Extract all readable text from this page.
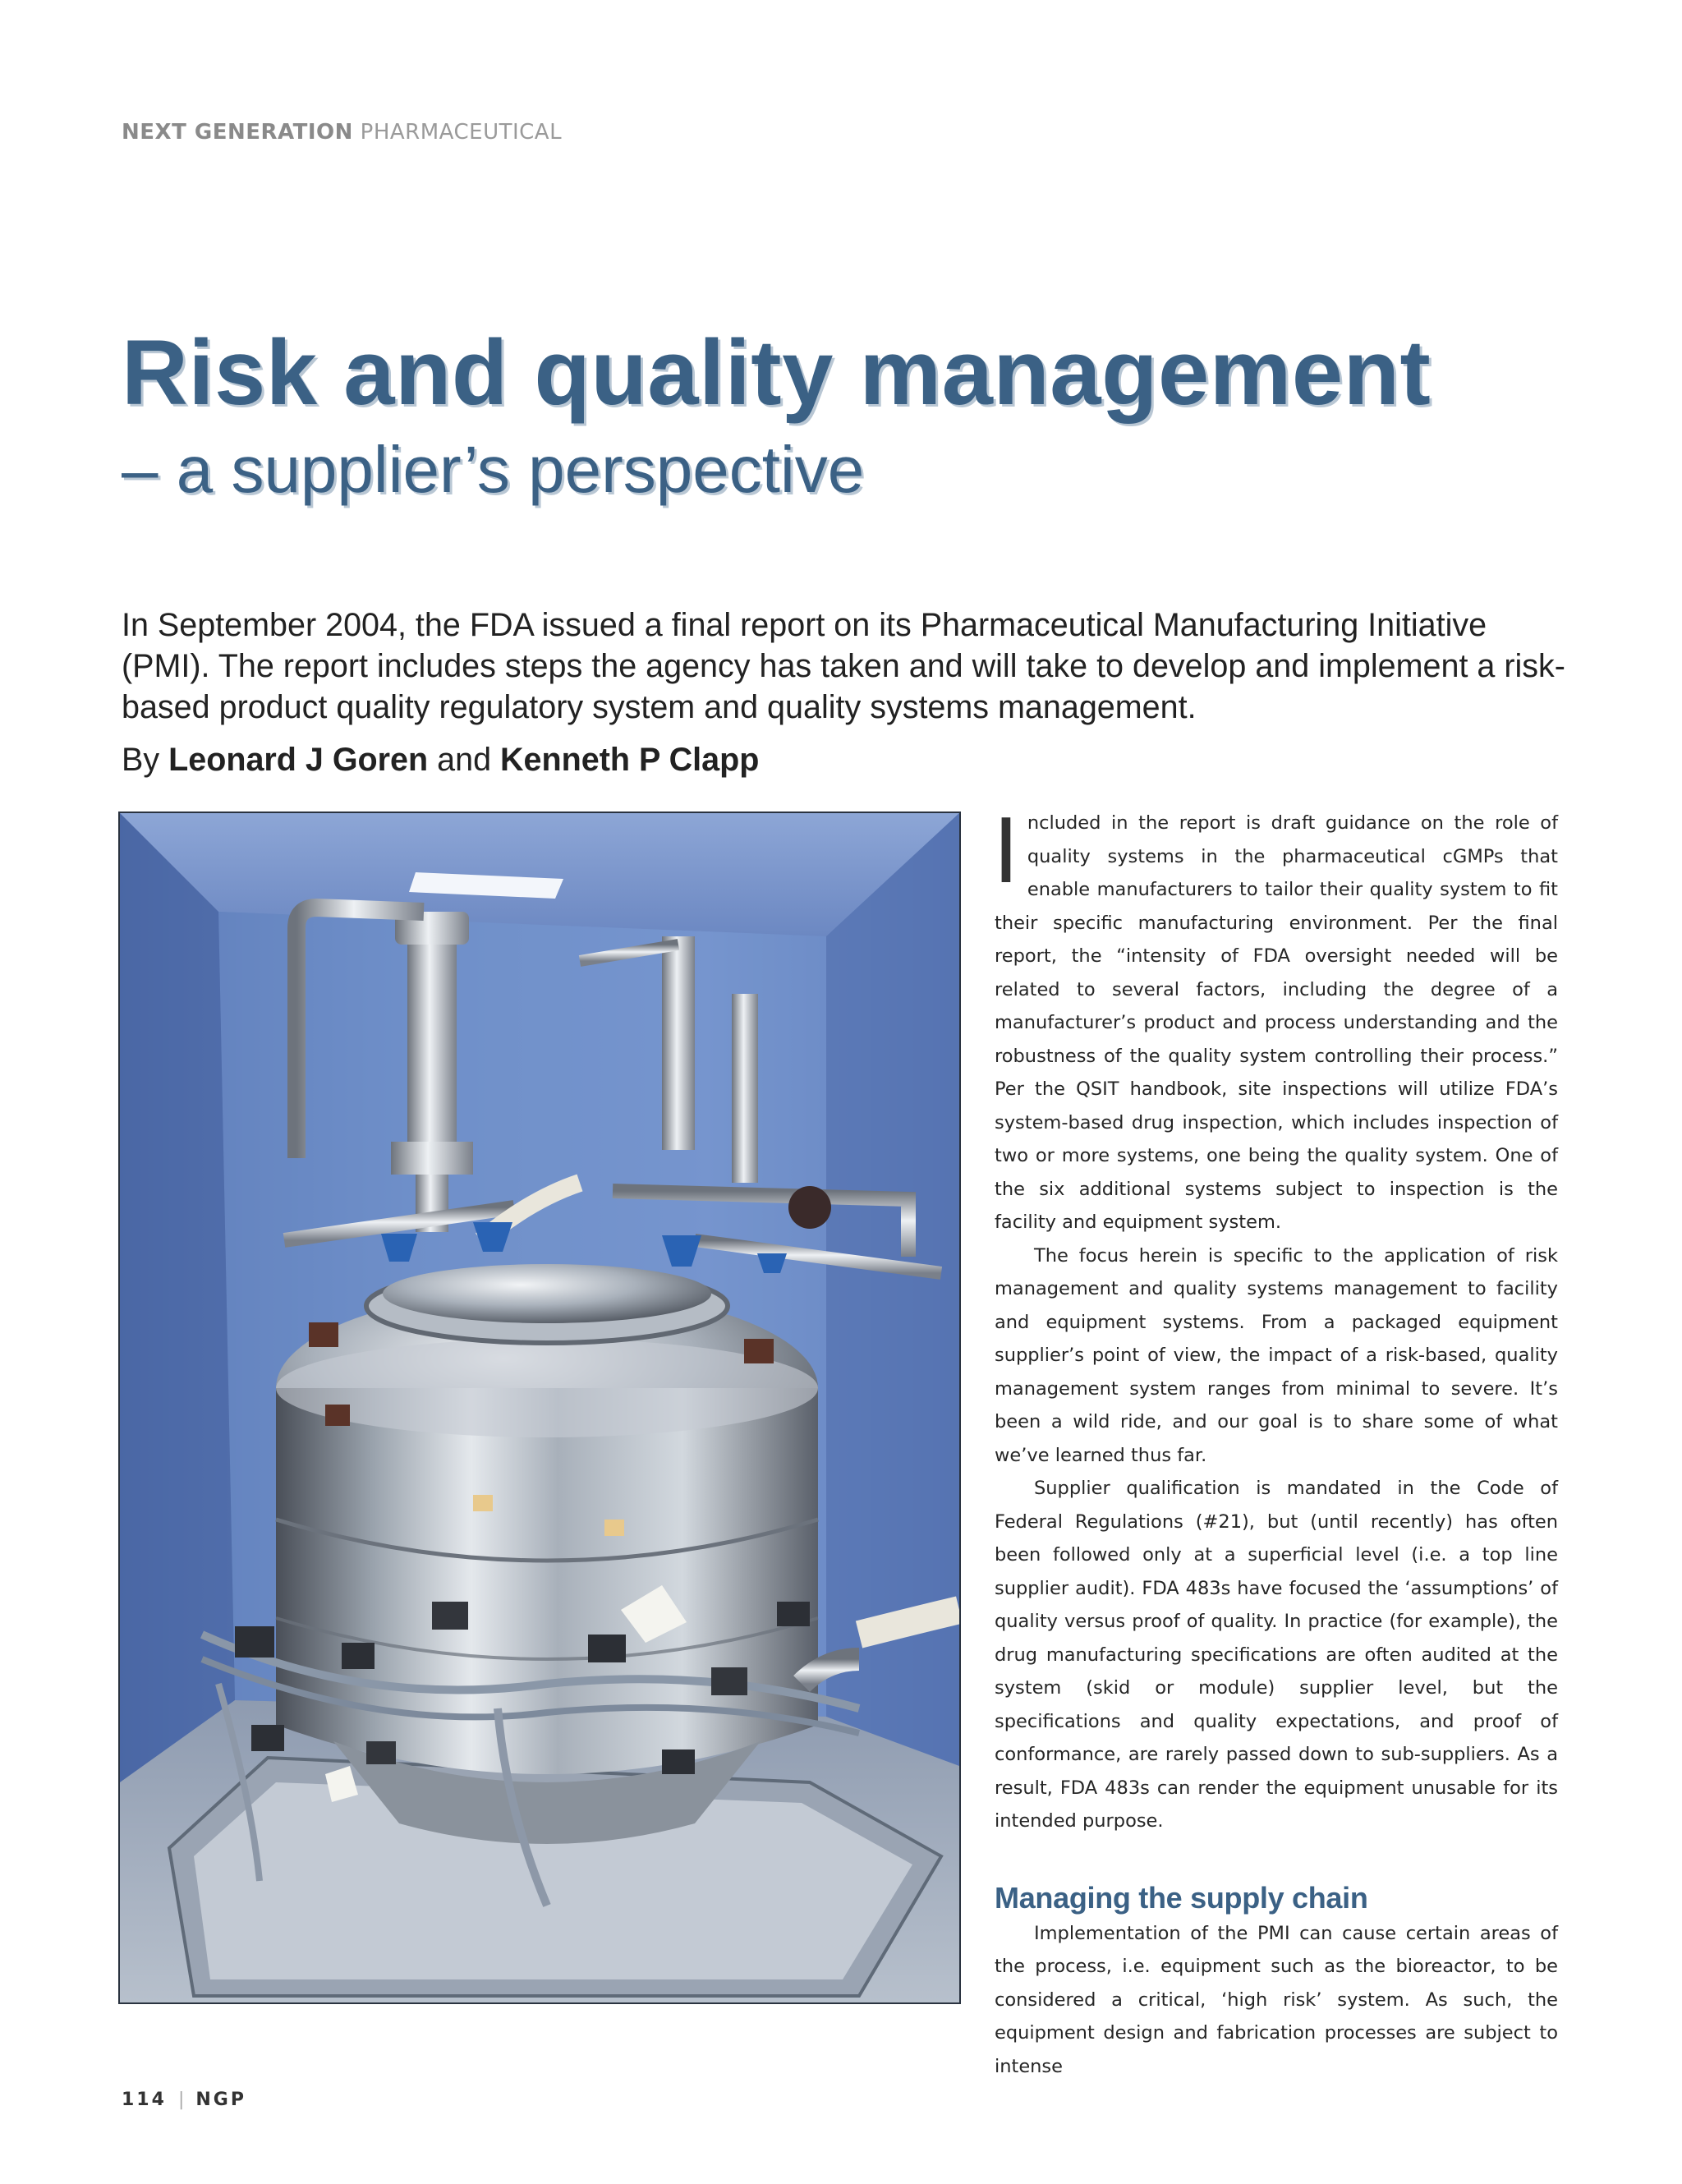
NEXT GENERATION PHARMACEUTICAL
Risk and quality management
– a supplier’s perspective

In September 2004, the FDA issued a final report on its Pharmaceutical Manufacturing Initiative (PMI). The report includes steps the agency has taken and will take to develop and implement a risk-based product quality regulatory system and quality systems management.

By Leonard J Goren and Kenneth P Clapp

Included in the report is draft guidance on the role of quality systems in the pharmaceutical cGMPs that enable manufacturers to tailor their quality system to fit their specific manufacturing environment. Per the final report, the “intensity of FDA oversight needed will be related to several factors, including the degree of a manufacturer’s product and process understanding and the robustness of the quality system controlling their process.” Per the QSIT handbook, site inspections will utilize FDA’s system-based drug inspection, which includes inspection of two or more systems, one being the quality system. One of the six additional systems subject to inspection is the facility and equipment system.

The focus herein is specific to the application of risk management and quality systems management to facility and equipment systems. From a packaged equipment supplier’s point of view, the impact of a risk-based, quality management system ranges from minimal to severe. It’s been a wild ride, and our goal is to share some of what we’ve learned thus far.

Supplier qualification is mandated in the Code of Federal Regulations (#21), but (until recently) has often been followed only at a superficial level (i.e. a top line supplier audit). FDA 483s have focused the ‘assumptions’ of quality versus proof of quality. In practice (for example), the drug manufacturing specifications are often audited at the system (skid or module) supplier level, but the specifications and quality expectations, and proof of conformance, are rarely passed down to sub-suppliers. As a result, FDA 483s can render the equipment unusable for its intended purpose.

Managing the supply chain

Implementation of the PMI can cause certain areas of the process, i.e. equipment such as the bioreactor, to be considered a critical, ‘high risk’ system. As such, the equipment design and fabrication processes are subject to intense

114 | NGP
